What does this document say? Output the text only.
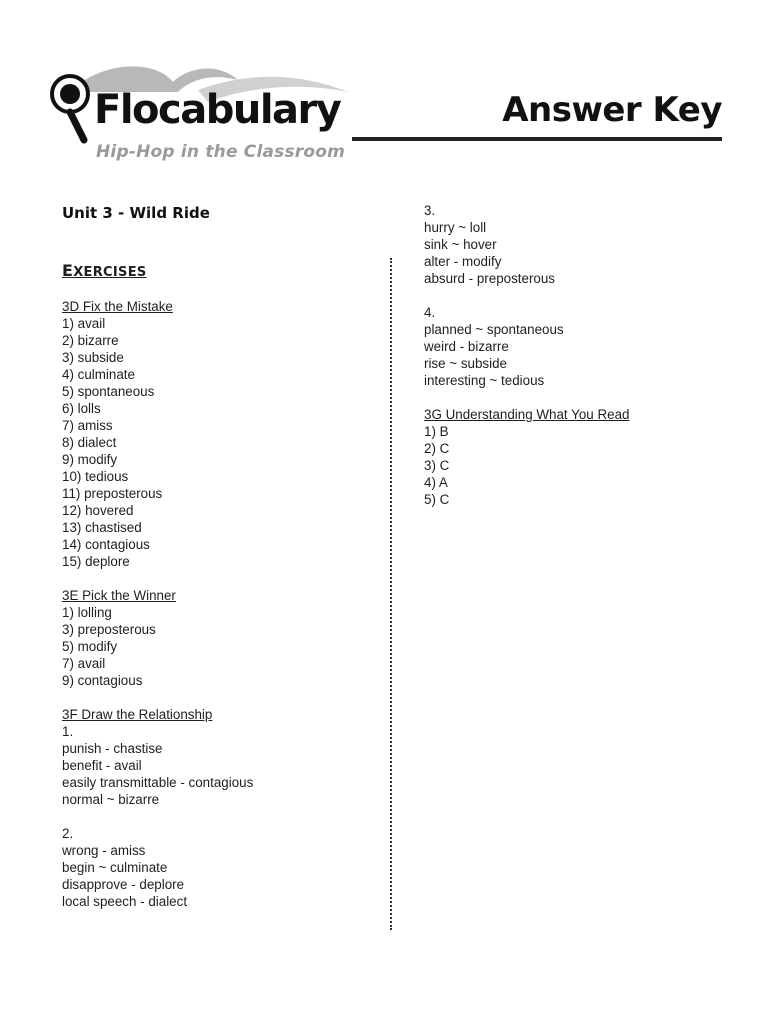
Flocabulary
Hip-Hop in the Classroom
Answer Key
Unit 3 - Wild Ride
EXERCISES
3D Fix the Mistake
1) avail
2) bizarre
3) subside
4) culminate
5) spontaneous
6) lolls
7) amiss
8) dialect
9) modify
10) tedious
11) preposterous
12) hovered
13) chastised
14) contagious
15) deplore
3E Pick the Winner
1) lolling
3) preposterous
5) modify
7) avail
9) contagious
3F Draw the Relationship
1.
punish - chastise
benefit - avail
easily transmittable - contagious
normal ~ bizarre
2.
wrong - amiss
begin ~ culminate
disapprove - deplore
local speech - dialect
3.
hurry ~ loll
sink ~ hover
alter - modify
absurd - preposterous
4.
planned ~ spontaneous
weird - bizarre
rise ~ subside
interesting ~ tedious
3G Understanding What You Read
1) B
2) C
3) C
4) A
5) C
